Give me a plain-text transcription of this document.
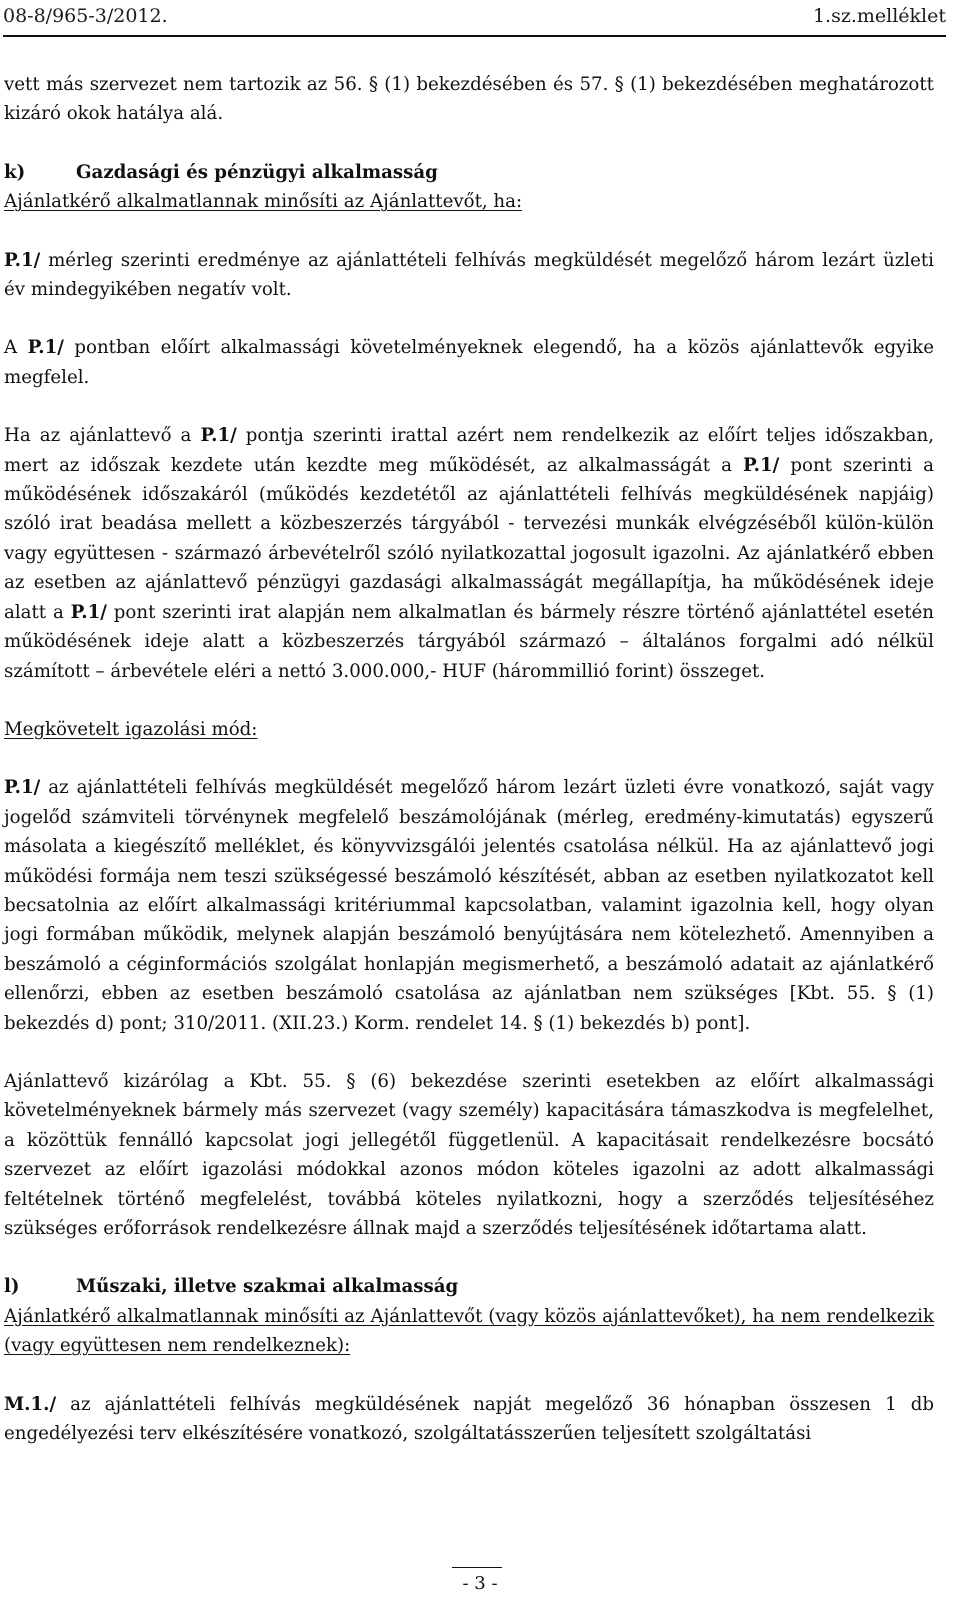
08-8/965-3/2012.	1.sz.melléklet

vett más szervezet nem tartozik az 56. § (1) bekezdésében és 57. § (1) bekezdésében meghatározott kizáró okok hatálya alá.

k)	Gazdasági és pénzügyi alkalmasság

Ajánlatkérő alkalmatlannak minősíti az Ajánlattevőt, ha:

P.1/ mérleg szerinti eredménye az ajánlattételi felhívás megküldését megelőző három lezárt üzleti év mindegyikében negatív volt.

A P.1/ pontban előírt alkalmassági követelményeknek elegendő, ha a közös ajánlattevők egyike megfelel.

Ha az ajánlattevő a P.1/ pontja szerinti irattal azért nem rendelkezik az előírt teljes időszakban, mert az időszak kezdete után kezdte meg működését, az alkalmasságát a P.1/ pont szerinti a működésének időszakáról (működés kezdetétől az ajánlattételi felhívás megküldésének napjáig) szóló irat beadása mellett a közbeszerzés tárgyából - tervezési munkák elvégzéséből külön-külön vagy együttesen - származó árbevételről szóló nyilatkozattal jogosult igazolni. Az ajánlatkérő ebben az esetben az ajánlattevő pénzügyi gazdasági alkalmasságát megállapítja, ha működésének ideje alatt a P.1/ pont szerinti irat alapján nem alkalmatlan és bármely részre történő ajánlattétel esetén működésének ideje alatt a közbeszerzés tárgyából származó – általános forgalmi adó nélkül számított – árbevétele eléri a nettó 3.000.000,- HUF (hárommillió forint) összeget.

Megkövetelt igazolási mód:

P.1/ az ajánlattételi felhívás megküldését megelőző három lezárt üzleti évre vonatkozó, saját vagy jogelőd számviteli törvénynek megfelelő beszámolójának (mérleg, eredmény-kimutatás) egyszerű másolata a kiegészítő melléklet, és könyvvizsgálói jelentés csatolása nélkül. Ha az ajánlattevő jogi működési formája nem teszi szükségessé beszámoló készítését, abban az esetben nyilatkozatot kell becsatolnia az előírt alkalmassági kritériummal kapcsolatban, valamint igazolnia kell, hogy olyan jogi formában működik, melynek alapján beszámoló benyújtására nem kötelezhető. Amennyiben a beszámoló a céginformációs szolgálat honlapján megismerhető, a beszámoló adatait az ajánlatkérő ellenőrzi, ebben az esetben beszámoló csatolása az ajánlatban nem szükséges [Kbt. 55. § (1) bekezdés d) pont; 310/2011. (XII.23.) Korm. rendelet 14. § (1) bekezdés b) pont].

Ajánlattevő kizárólag a Kbt. 55. § (6) bekezdése szerinti esetekben az előírt alkalmassági követelményeknek bármely más szervezet (vagy személy) kapacitására támaszkodva is megfelelhet, a közöttük fennálló kapcsolat jogi jellegétől függetlenül. A kapacitásait rendelkezésre bocsátó szervezet az előírt igazolási módokkal azonos módon köteles igazolni az adott alkalmassági feltételnek történő megfelelést, továbbá köteles nyilatkozni, hogy a szerződés teljesítéséhez szükséges erőforrások rendelkezésre állnak majd a szerződés teljesítésének időtartama alatt.

l)	Műszaki, illetve szakmai alkalmasság

Ajánlatkérő alkalmatlannak minősíti az Ajánlattevőt (vagy közös ajánlattevőket), ha nem rendelkezik (vagy együttesen nem rendelkeznek):

M.1./ az ajánlattételi felhívás megküldésének napját megelőző 36 hónapban összesen 1 db engedélyezési terv elkészítésére vonatkozó, szolgáltatásszerűen teljesített szolgáltatási

- 3 -
